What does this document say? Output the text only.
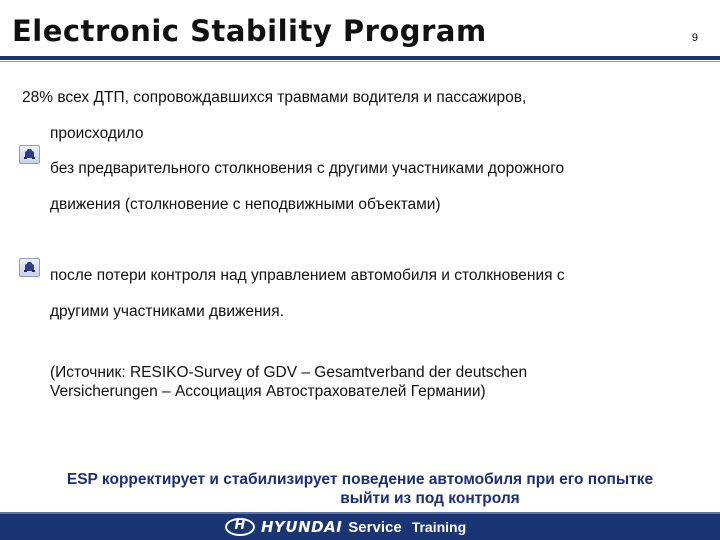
Electronic Stability Program	9
28% всех ДТП, сопровождавшихся травмами водителя и пассажиров,
происходило
без предварительного столкновения с другими участниками дорожного
движения (столкновение с неподвижными объектами)
после потери контроля над управлением автомобиля и столкновения с
другими участниками движения.
(Источник: RESIKO-Survey of GDV – Gesamtverband der deutschen
Versicherungen – Ассоциация Автостраховатeлей Германии)
ESP корректирует и стабилизирует поведение автомобиля при его попытке
выйти из под контроля
H
HYUNDAI Service Training
